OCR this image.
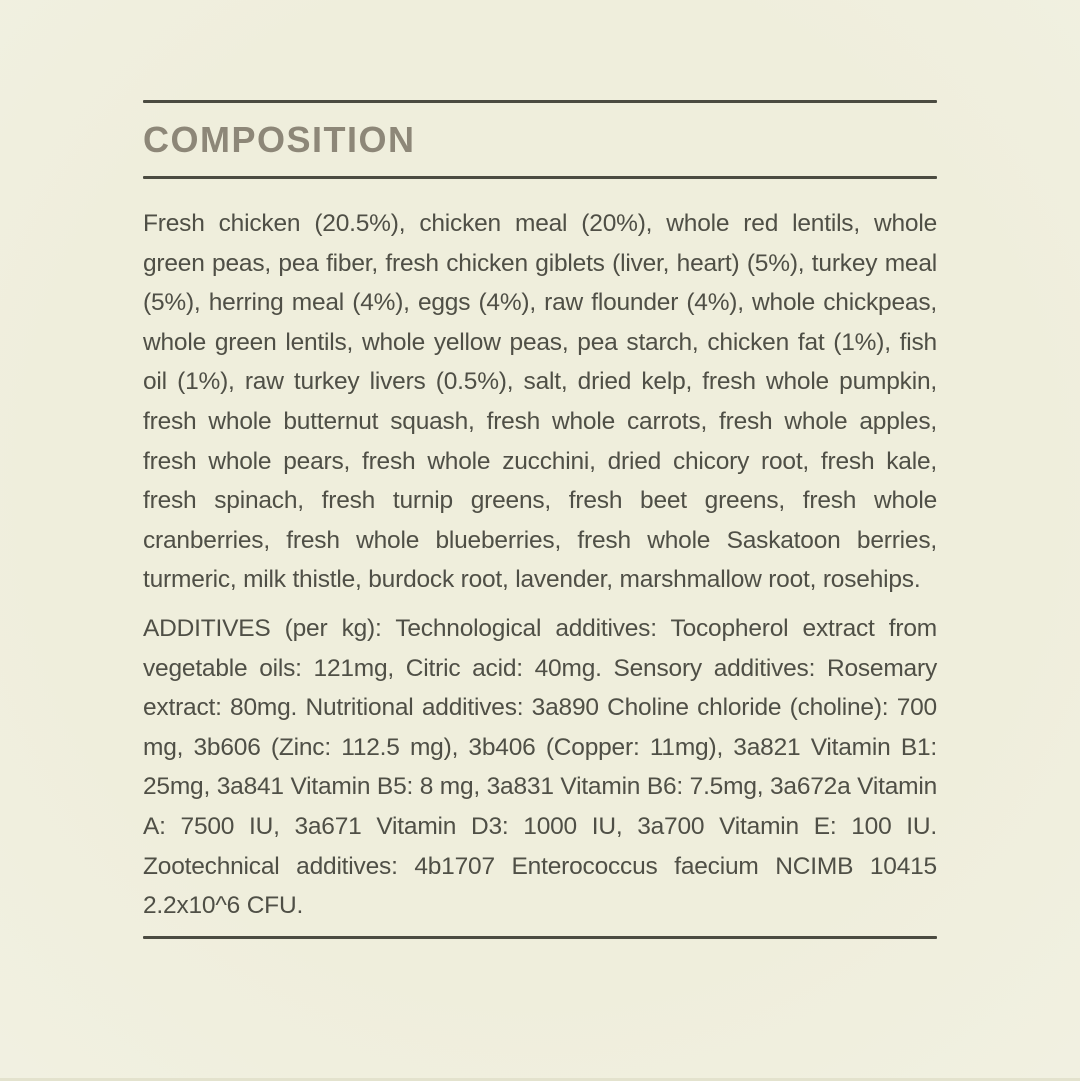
COMPOSITION

Fresh chicken (20.5%), chicken meal (20%), whole red lentils, whole green peas, pea fiber, fresh chicken giblets (liver, heart) (5%), turkey meal (5%), herring meal (4%), eggs (4%), raw flounder (4%), whole chickpeas, whole green lentils, whole yellow peas, pea starch, chicken fat (1%), fish oil (1%), raw turkey livers (0.5%), salt, dried kelp, fresh whole pumpkin, fresh whole butternut squash, fresh whole carrots, fresh whole apples, fresh whole pears, fresh whole zucchini, dried chicory root, fresh kale, fresh spinach, fresh turnip greens, fresh beet greens, fresh whole cranberries, fresh whole blueberries, fresh whole Saskatoon berries, turmeric, milk thistle, burdock root, lavender, marshmallow root, rosehips.

ADDITIVES (per kg): Technological additives: Tocopherol extract from vegetable oils: 121mg, Citric acid: 40mg. Sensory additives: Rosemary extract: 80mg. Nutritional additives: 3a890 Choline chloride (choline): 700 mg, 3b606 (Zinc: 112.5 mg), 3b406 (Copper: 11mg), 3a821 Vitamin B1: 25mg, 3a841 Vitamin B5: 8 mg, 3a831 Vitamin B6: 7.5mg, 3a672a Vitamin A: 7500 IU, 3a671 Vitamin D3: 1000 IU, 3a700 Vitamin E: 100 IU. Zootechnical additives: 4b1707 Enterococcus faecium NCIMB 10415 2.2x10^6 CFU.
